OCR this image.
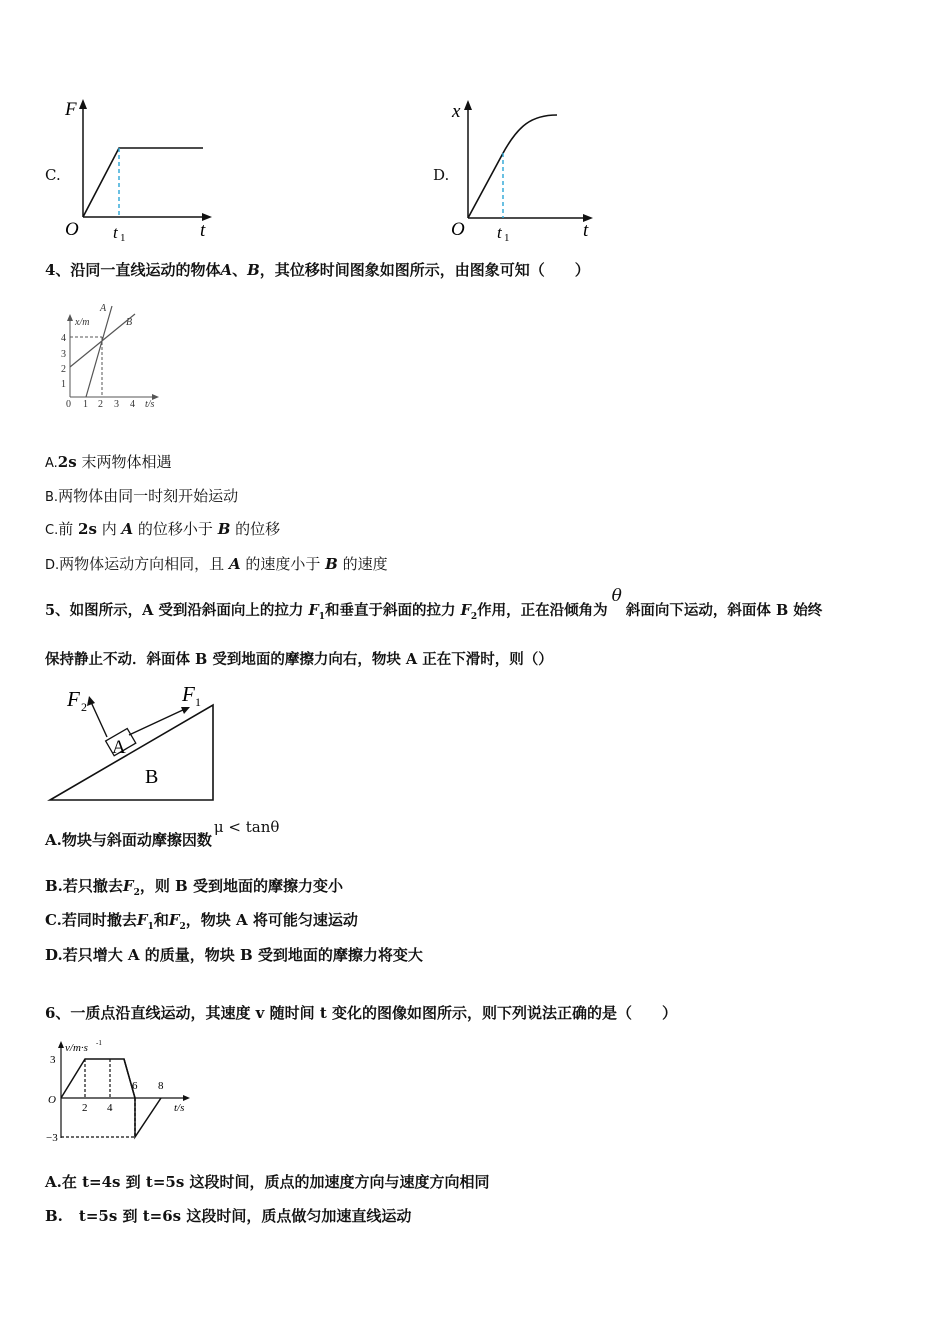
C.
F
O t 1	t
D.
x
O t 1	t
4、沿同一直线运动的物体A、B，其位移时间图象如图所示，由图象可知（　　）
x/m
A
B
4
3
2
1
0 1 2 3 4 t/s
A.2s 末两物体相遇
B.两物体由同一时刻开始运动
C.前 2s 内 A 的位移小于 B 的位移
D.两物体运动方向相同，且 A 的速度小于 B 的速度
5、如图所示，A 受到沿斜面向上的拉力 $F_1$和垂直于斜面的拉力 $F_2$作用，正在沿倾角为θ斜面向下运动，斜面体 B 始终
保持静止不动．斜面体 B 受到地面的摩擦力向右，物块 A 正在下滑时，则（）
F 2
F 1
A
B
A.物块与斜面动摩擦因数μ < tanθ
B.若只撤去$F_2$，则 B 受到地面的摩擦力变小
C.若同时撤去$F_1$和$F_2$，物块 A 将可能匀速运动
D.若只增大 A 的质量，物块 B 受到地面的摩擦力将变大
6、一质点沿直线运动，其速度 v 随时间 t 变化的图像如图所示，则下列说法正确的是（　　）
v/m·s -1
3
O
−3
2 4
6 8
t/s
A.在 t=4s 到 t=5s 这段时间，质点的加速度方向与速度方向相同
B. t=5s 到 t=6s 这段时间，质点做匀加速直线运动
